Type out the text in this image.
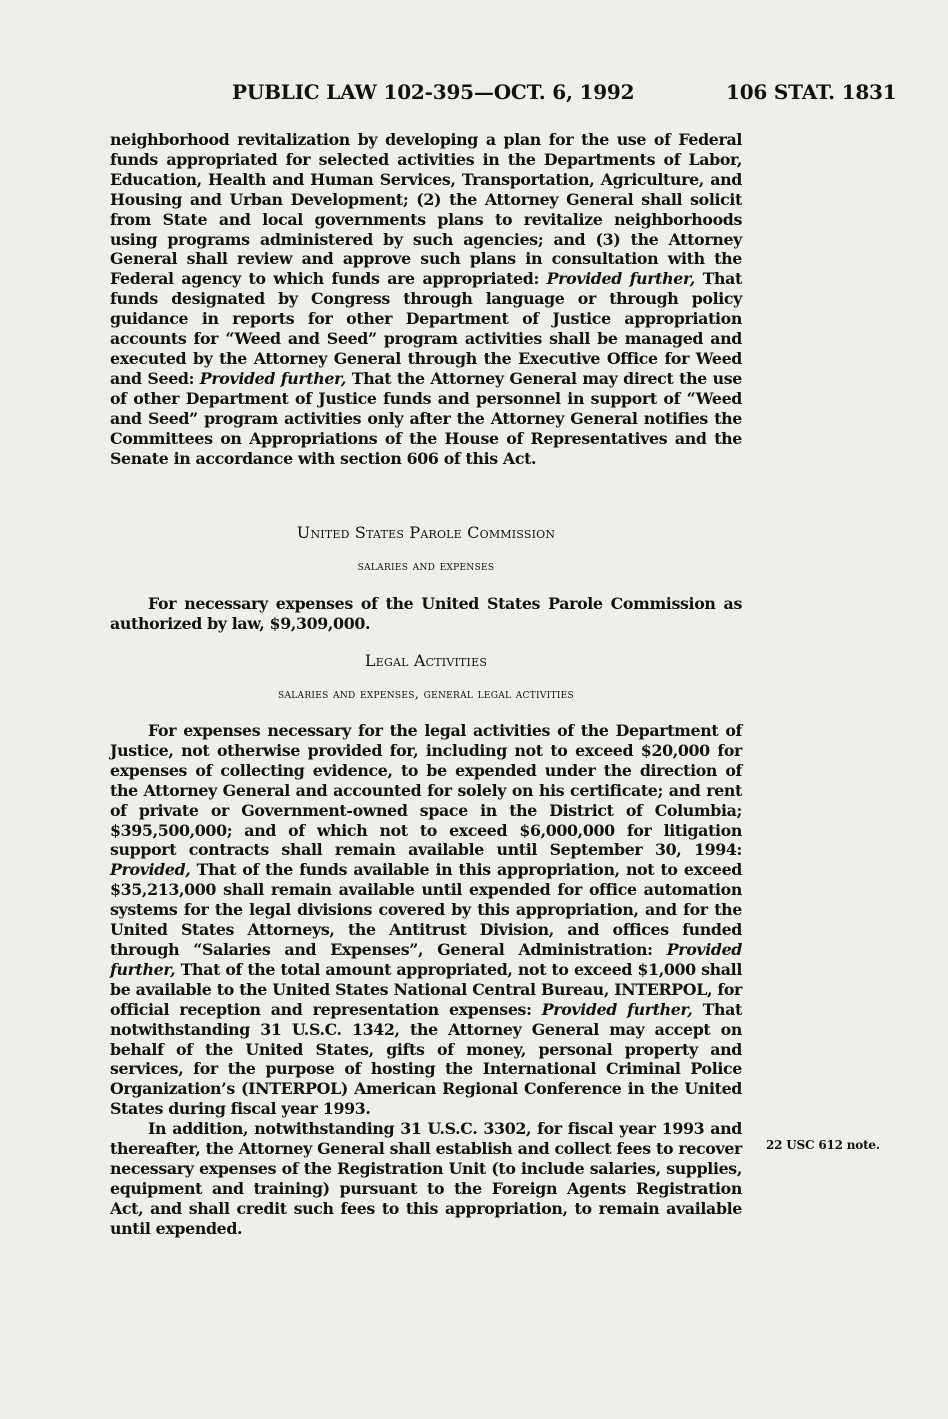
PUBLIC LAW 102-395—OCT. 6, 1992	106 STAT. 1831

neighborhood revitalization by developing a plan for the use of Federal funds appropriated for selected activities in the Departments of Labor, Education, Health and Human Services, Transportation, Agriculture, and Housing and Urban Development; (2) the Attorney General shall solicit from State and local governments plans to revitalize neighborhoods using programs administered by such agencies; and (3) the Attorney General shall review and approve such plans in consultation with the Federal agency to which funds are appropriated: Provided further, That funds designated by Congress through language or through policy guidance in reports for other Department of Justice appropriation accounts for “Weed and Seed” program activities shall be managed and executed by the Attorney General through the Executive Office for Weed and Seed: Provided further, That the Attorney General may direct the use of other Department of Justice funds and personnel in support of “Weed and Seed” program activities only after the Attorney General notifies the Committees on Appropriations of the House of Representatives and the Senate in accordance with section 606 of this Act.

United States Parole Commission
salaries and expenses

For necessary expenses of the United States Parole Commission as authorized by law, $9,309,000.

Legal Activities
salaries and expenses, general legal activities

For expenses necessary for the legal activities of the Department of Justice, not otherwise provided for, including not to exceed $20,000 for expenses of collecting evidence, to be expended under the direction of the Attorney General and accounted for solely on his certificate; and rent of private or Government-owned space in the District of Columbia; $395,500,000; and of which not to exceed $6,000,000 for litigation support contracts shall remain available until September 30, 1994: Provided, That of the funds available in this appropriation, not to exceed $35,213,000 shall remain available until expended for office automation systems for the legal divisions covered by this appropriation, and for the United States Attorneys, the Antitrust Division, and offices funded through “Salaries and Expenses”, General Administration: Provided further, That of the total amount appropriated, not to exceed $1,000 shall be available to the United States National Central Bureau, INTERPOL, for official reception and representation expenses: Provided further, That notwithstanding 31 U.S.C. 1342, the Attorney General may accept on behalf of the United States, gifts of money, personal property and services, for the purpose of hosting the International Criminal Police Organization’s (INTERPOL) American Regional Conference in the United States during fiscal year 1993.

In addition, notwithstanding 31 U.S.C. 3302, for fiscal year 1993 and thereafter, the Attorney General shall establish and collect fees to recover necessary expenses of the Registration Unit (to include salaries, supplies, equipment and training) pursuant to the Foreign Agents Registration Act, and shall credit such fees to this appropriation, to remain available until expended.

22 USC 612 note.
